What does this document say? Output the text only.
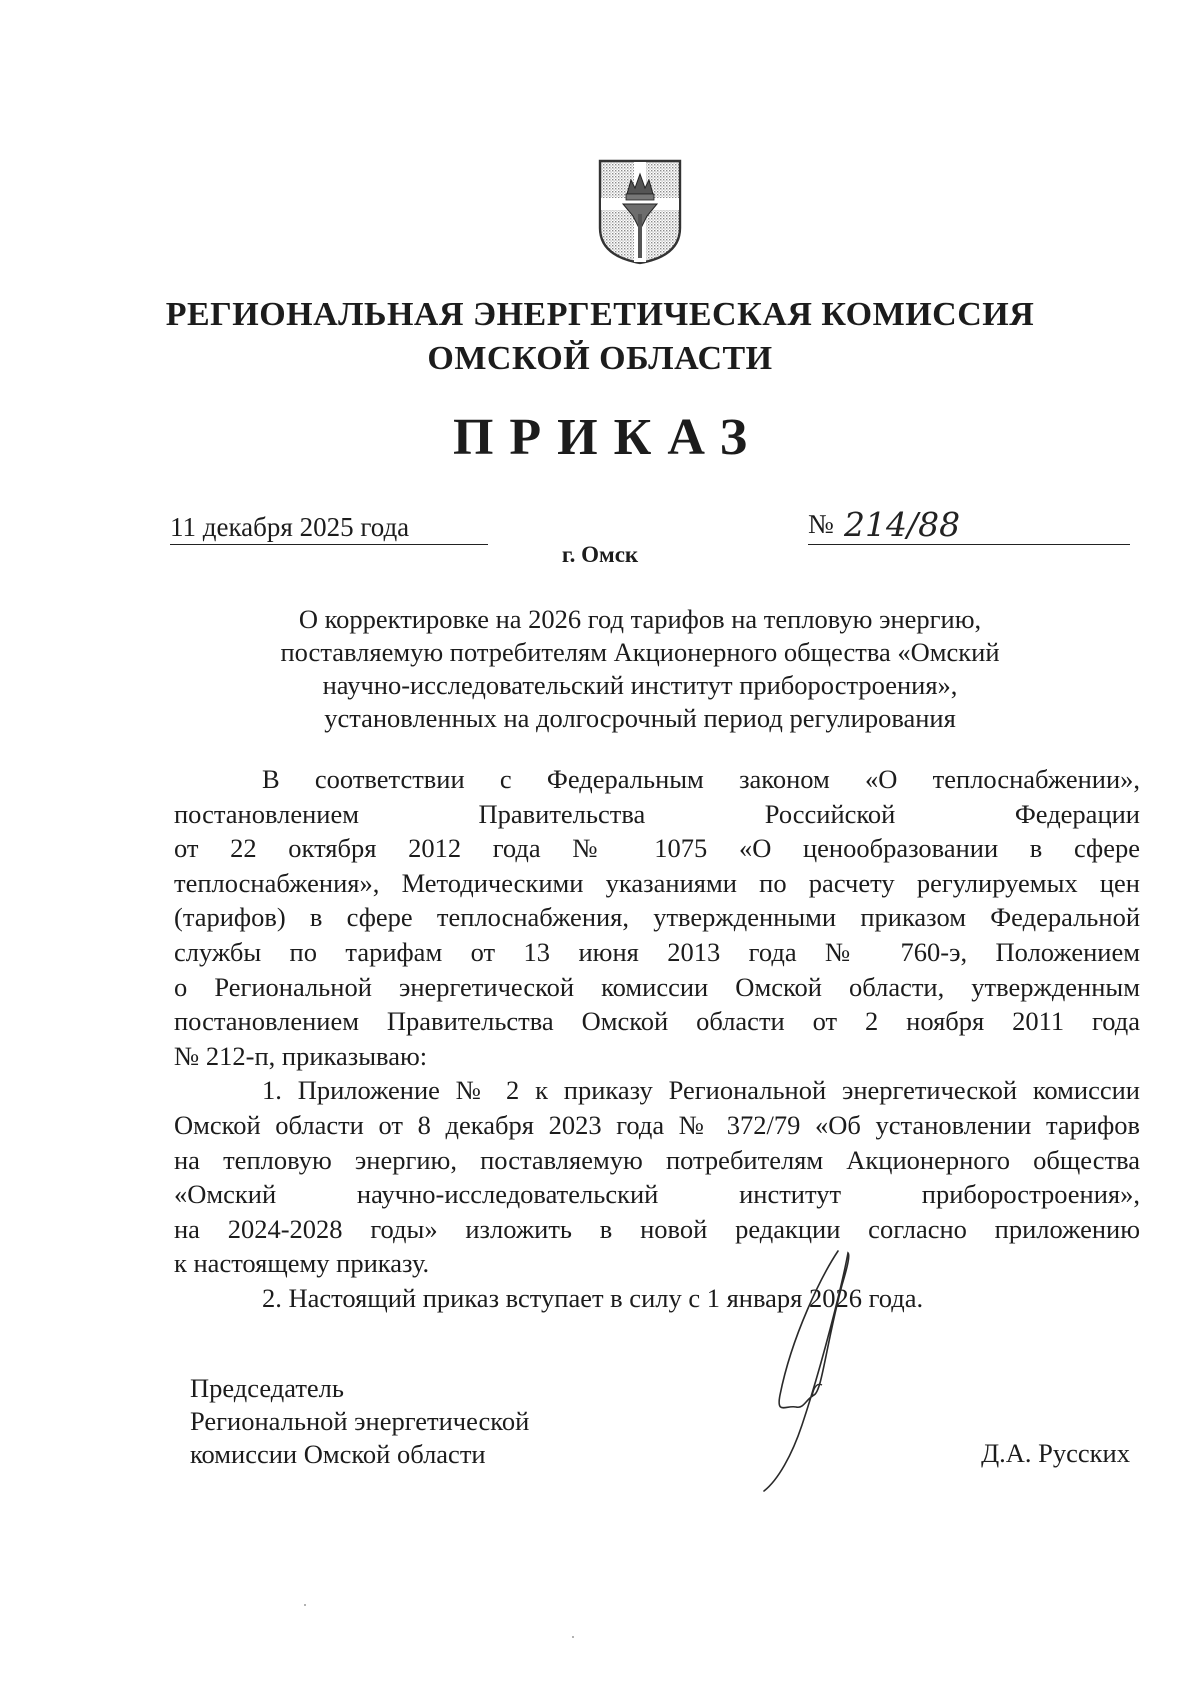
РЕГИОНАЛЬНАЯ ЭНЕРГЕТИЧЕСКАЯ КОМИССИЯ
ОМСКОЙ ОБЛАСТИ
ПРИКАЗ
11 декабря 2025 года	№ 214/88
г. Омск
О корректировке на 2026 год тарифов на тепловую энергию,
поставляемую потребителям Акционерного общества «Омский
научно-исследовательский институт приборостроения»,
установленных на долгосрочный период регулирования
В соответствии с Федеральным законом «О теплоснабжении»,
постановлением Правительства Российской Федерации
от 22 октября 2012 года № 1075 «О ценообразовании в сфере
теплоснабжения», Методическими указаниями по расчету регулируемых цен
(тарифов) в сфере теплоснабжения, утвержденными приказом Федеральной
службы по тарифам от 13 июня 2013 года № 760-э, Положением
о Региональной энергетической комиссии Омской области, утвержденным
постановлением Правительства Омской области от 2 ноября 2011 года
№ 212-п, приказываю:
1. Приложение № 2 к приказу Региональной энергетической комиссии
Омской области от 8 декабря 2023 года № 372/79 «Об установлении тарифов
на тепловую энергию, поставляемую потребителям Акционерного общества
«Омский научно-исследовательский институт приборостроения»,
на 2024-2028 годы» изложить в новой редакции согласно приложению
к настоящему приказу.
2. Настоящий приказ вступает в силу с 1 января 2026 года.
Председатель
Региональной энергетической
комиссии Омской области	Д.А. Русских
